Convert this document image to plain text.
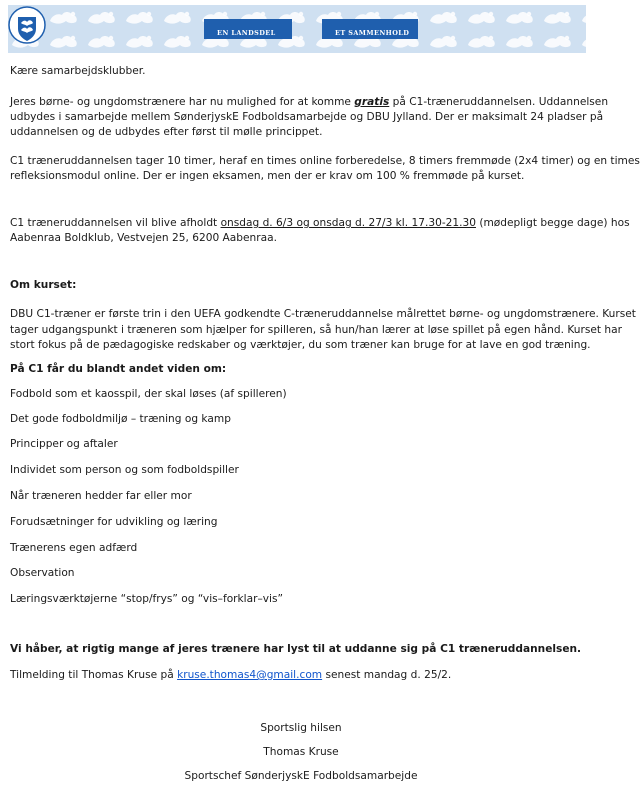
EN LANDSDEL	ET SAMMENHOLD
Kære samarbejdsklubber.
Jeres børne- og ungdomstrænere har nu mulighed for at komme gratis på C1-træneruddannelsen. Uddannelsen
udbydes i samarbejde mellem SønderjyskE Fodboldsamarbejde og DBU Jylland. Der er maksimalt 24 pladser på
uddannelsen og de udbydes efter først til mølle princippet.
C1 træneruddannelsen tager 10 timer, heraf en times online forberedelse, 8 timers fremmøde (2x4 timer) og en times
refleksionsmodul online. Der er ingen eksamen, men der er krav om 100 % fremmøde på kurset.
C1 træneruddannelsen vil blive afholdt onsdag d. 6/3 og onsdag d. 27/3 kl. 17.30-21.30 (mødepligt begge dage) hos
Aabenraa Boldklub, Vestvejen 25, 6200 Aabenraa.
Om kurset:
DBU C1-træner er første trin i den UEFA godkendte C-træneruddannelse målrettet børne- og ungdomstrænere. Kurset
tager udgangspunkt i træneren som hjælper for spilleren, så hun/han lærer at løse spillet på egen hånd. Kurset har
stort fokus på de pædagogiske redskaber og værktøjer, du som træner kan bruge for at lave en god træning.
På C1 får du blandt andet viden om:
Fodbold som et kaosspil, der skal løses (af spilleren)
Det gode fodboldmiljø – træning og kamp
Principper og aftaler
Individet som person og som fodboldspiller
Når træneren hedder far eller mor
Forudsætninger for udvikling og læring
Trænerens egen adfærd
Observation
Læringsværktøjerne “stop/frys” og “vis–forklar–vis”
Vi håber, at rigtig mange af jeres trænere har lyst til at uddanne sig på C1 træneruddannelsen.
Tilmelding til Thomas Kruse på kruse.thomas4@gmail.com senest mandag d. 25/2.
Sportslig hilsen
Thomas Kruse
Sportschef SønderjyskE Fodboldsamarbejde
